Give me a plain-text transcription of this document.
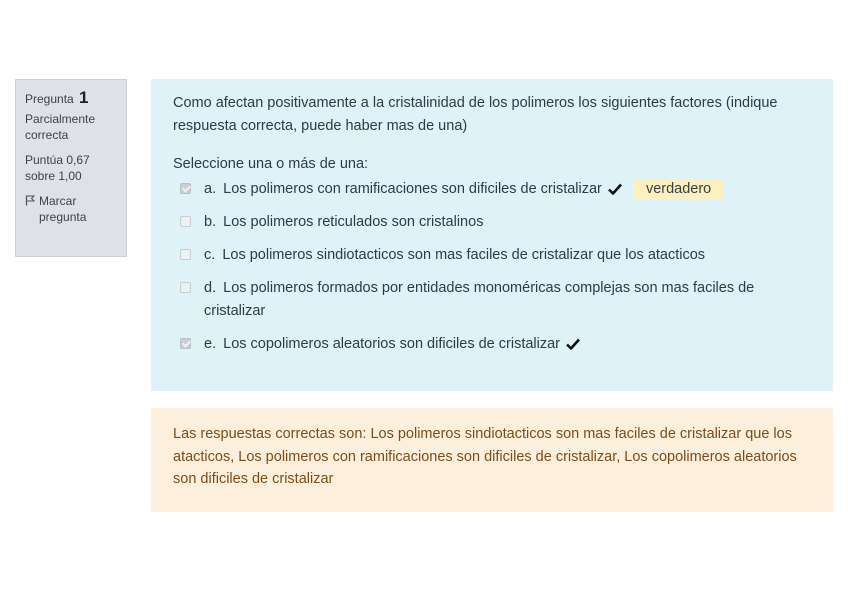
Pregunta 1
Parcialmente correcta
Puntúa 0,67 sobre 1,00
Marcar pregunta
Como afectan positivamente a la cristalinidad de los polimeros los siguientes factores (indique respuesta correcta, puede haber mas de una)
Seleccione una o más de una:
a. Los polimeros con ramificaciones son dificiles de cristalizar	verdadero
b. Los polimeros reticulados son cristalinos
c. Los polimeros sindiotacticos son mas faciles de cristalizar que los atacticos
d. Los polimeros formados por entidades monoméricas complejas son mas faciles de cristalizar
e. Los copolimeros aleatorios son dificiles de cristalizar
Las respuestas correctas son: Los polimeros sindiotacticos son mas faciles de cristalizar que los atacticos, Los polimeros con ramificaciones son dificiles de cristalizar, Los copolimeros aleatorios son dificiles de cristalizar
